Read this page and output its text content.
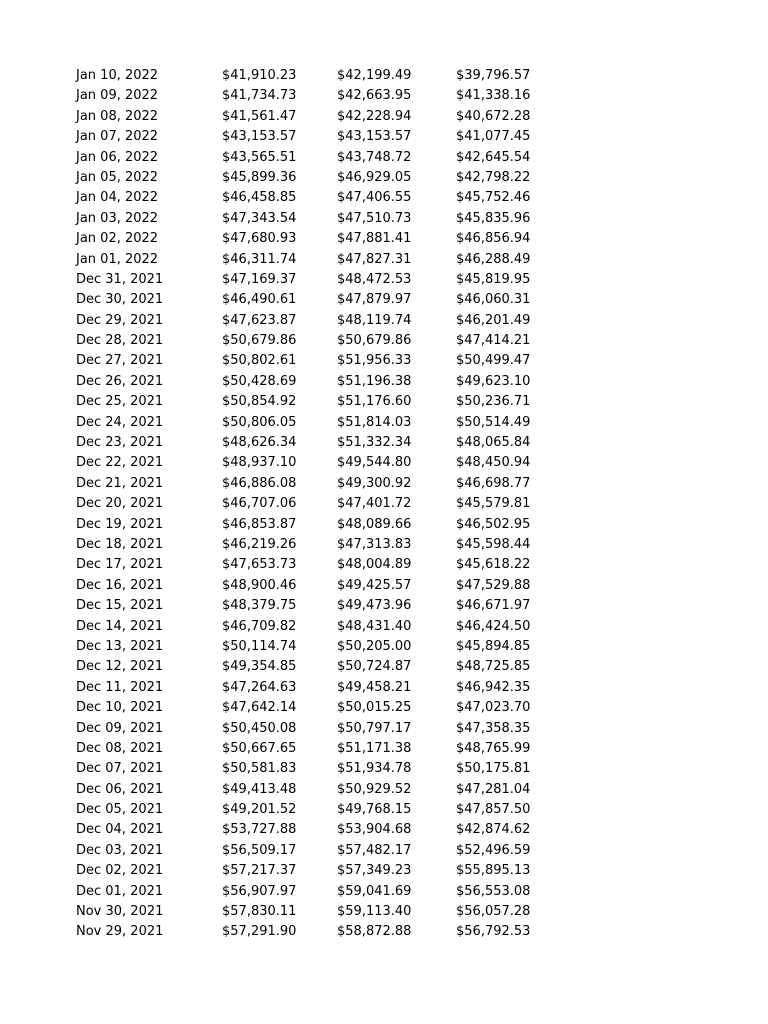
Jan 10, 2022	$41,910.23	$42,199.49	$39,796.57
Jan 09, 2022	$41,734.73	$42,663.95	$41,338.16
Jan 08, 2022	$41,561.47	$42,228.94	$40,672.28
Jan 07, 2022	$43,153.57	$43,153.57	$41,077.45
Jan 06, 2022	$43,565.51	$43,748.72	$42,645.54
Jan 05, 2022	$45,899.36	$46,929.05	$42,798.22
Jan 04, 2022	$46,458.85	$47,406.55	$45,752.46
Jan 03, 2022	$47,343.54	$47,510.73	$45,835.96
Jan 02, 2022	$47,680.93	$47,881.41	$46,856.94
Jan 01, 2022	$46,311.74	$47,827.31	$46,288.49
Dec 31, 2021	$47,169.37	$48,472.53	$45,819.95
Dec 30, 2021	$46,490.61	$47,879.97	$46,060.31
Dec 29, 2021	$47,623.87	$48,119.74	$46,201.49
Dec 28, 2021	$50,679.86	$50,679.86	$47,414.21
Dec 27, 2021	$50,802.61	$51,956.33	$50,499.47
Dec 26, 2021	$50,428.69	$51,196.38	$49,623.10
Dec 25, 2021	$50,854.92	$51,176.60	$50,236.71
Dec 24, 2021	$50,806.05	$51,814.03	$50,514.49
Dec 23, 2021	$48,626.34	$51,332.34	$48,065.84
Dec 22, 2021	$48,937.10	$49,544.80	$48,450.94
Dec 21, 2021	$46,886.08	$49,300.92	$46,698.77
Dec 20, 2021	$46,707.06	$47,401.72	$45,579.81
Dec 19, 2021	$46,853.87	$48,089.66	$46,502.95
Dec 18, 2021	$46,219.26	$47,313.83	$45,598.44
Dec 17, 2021	$47,653.73	$48,004.89	$45,618.22
Dec 16, 2021	$48,900.46	$49,425.57	$47,529.88
Dec 15, 2021	$48,379.75	$49,473.96	$46,671.97
Dec 14, 2021	$46,709.82	$48,431.40	$46,424.50
Dec 13, 2021	$50,114.74	$50,205.00	$45,894.85
Dec 12, 2021	$49,354.85	$50,724.87	$48,725.85
Dec 11, 2021	$47,264.63	$49,458.21	$46,942.35
Dec 10, 2021	$47,642.14	$50,015.25	$47,023.70
Dec 09, 2021	$50,450.08	$50,797.17	$47,358.35
Dec 08, 2021	$50,667.65	$51,171.38	$48,765.99
Dec 07, 2021	$50,581.83	$51,934.78	$50,175.81
Dec 06, 2021	$49,413.48	$50,929.52	$47,281.04
Dec 05, 2021	$49,201.52	$49,768.15	$47,857.50
Dec 04, 2021	$53,727.88	$53,904.68	$42,874.62
Dec 03, 2021	$56,509.17	$57,482.17	$52,496.59
Dec 02, 2021	$57,217.37	$57,349.23	$55,895.13
Dec 01, 2021	$56,907.97	$59,041.69	$56,553.08
Nov 30, 2021	$57,830.11	$59,113.40	$56,057.28
Nov 29, 2021	$57,291.90	$58,872.88	$56,792.53
